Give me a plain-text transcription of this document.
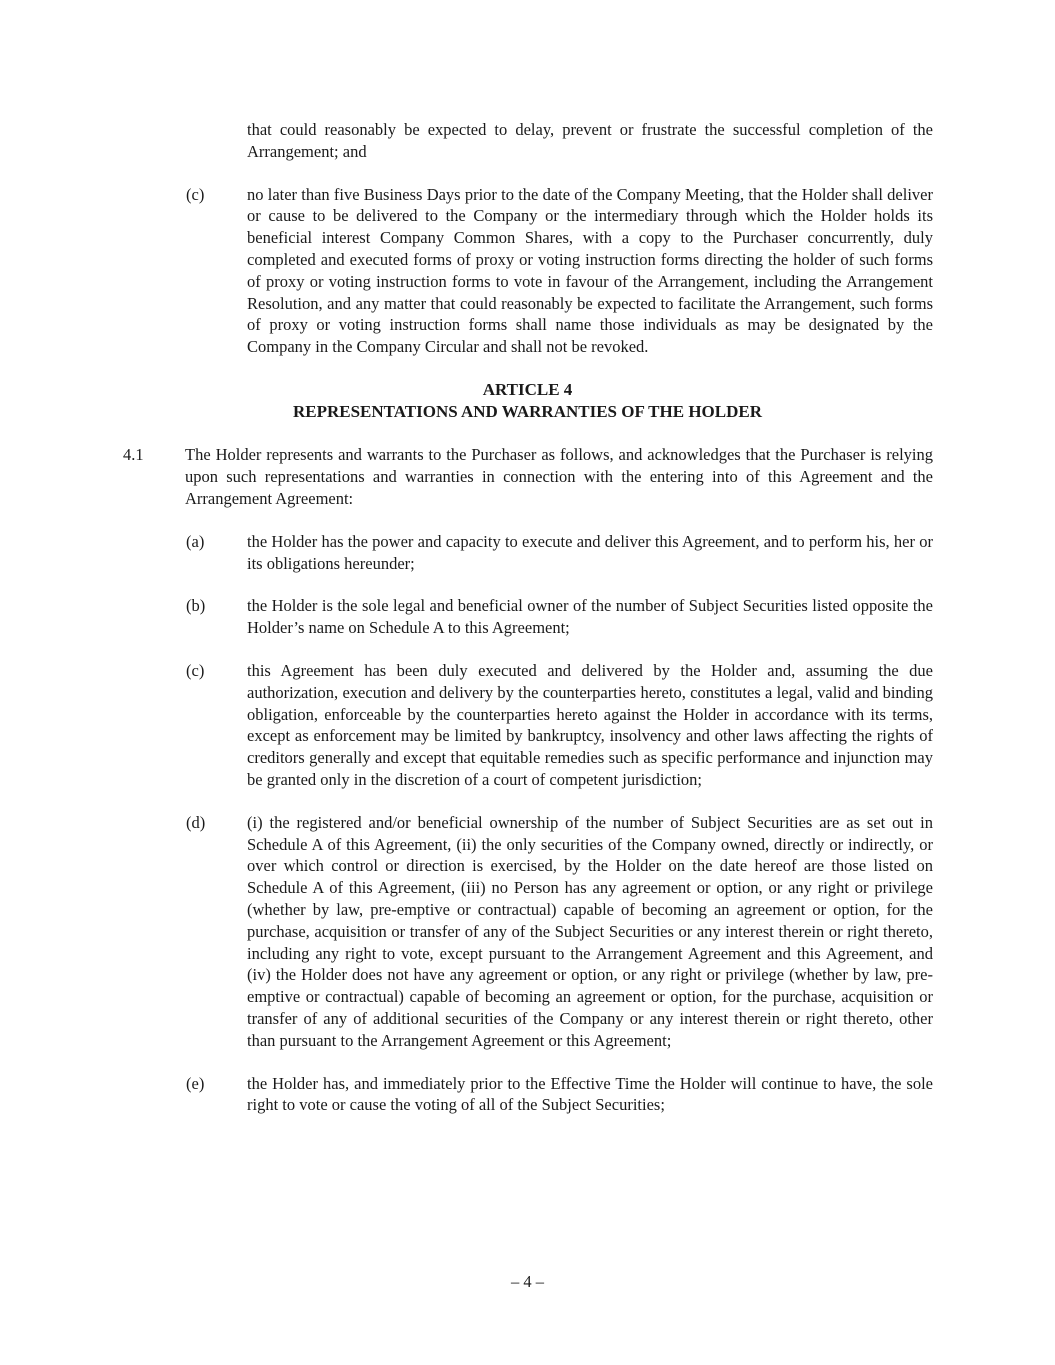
that could reasonably be expected to delay, prevent or frustrate the successful completion of the Arrangement; and

(c)	no later than five Business Days prior to the date of the Company Meeting, that the Holder shall deliver or cause to be delivered to the Company or the intermediary through which the Holder holds its beneficial interest Company Common Shares, with a copy to the Purchaser concurrently, duly completed and executed forms of proxy or voting instruction forms directing the holder of such forms of proxy or voting instruction forms to vote in favour of the Arrangement, including the Arrangement Resolution, and any matter that could reasonably be expected to facilitate the Arrangement, such forms of proxy or voting instruction forms shall name those individuals as may be designated by the Company in the Company Circular and shall not be revoked.
ARTICLE 4
REPRESENTATIONS AND WARRANTIES OF THE HOLDER
4.1	The Holder represents and warrants to the Purchaser as follows, and acknowledges that the Purchaser is relying upon such representations and warranties in connection with the entering into of this Agreement and the Arrangement Agreement:
(a)	the Holder has the power and capacity to execute and deliver this Agreement, and to perform his, her or its obligations hereunder;
(b)	the Holder is the sole legal and beneficial owner of the number of Subject Securities listed opposite the Holder’s name on Schedule A to this Agreement;
(c)	this Agreement has been duly executed and delivered by the Holder and, assuming the due authorization, execution and delivery by the counterparties hereto, constitutes a legal, valid and binding obligation, enforceable by the counterparties hereto against the Holder in accordance with its terms, except as enforcement may be limited by bankruptcy, insolvency and other laws affecting the rights of creditors generally and except that equitable remedies such as specific performance and injunction may be granted only in the discretion of a court of competent jurisdiction;
(d)	(i) the registered and/or beneficial ownership of the number of Subject Securities are as set out in Schedule A of this Agreement, (ii) the only securities of the Company owned, directly or indirectly, or over which control or direction is exercised, by the Holder on the date hereof are those listed on Schedule A of this Agreement, (iii) no Person has any agreement or option, or any right or privilege (whether by law, pre-emptive or contractual) capable of becoming an agreement or option, for the purchase, acquisition or transfer of any of the Subject Securities or any interest therein or right thereto, including any right to vote, except pursuant to the Arrangement Agreement and this Agreement, and (iv) the Holder does not have any agreement or option, or any right or privilege (whether by law, pre-emptive or contractual) capable of becoming an agreement or option, for the purchase, acquisition or transfer of any of additional securities of the Company or any interest therein or right thereto, other than pursuant to the Arrangement Agreement or this Agreement;
(e)	the Holder has, and immediately prior to the Effective Time the Holder will continue to have, the sole right to vote or cause the voting of all of the Subject Securities;
– 4 –
